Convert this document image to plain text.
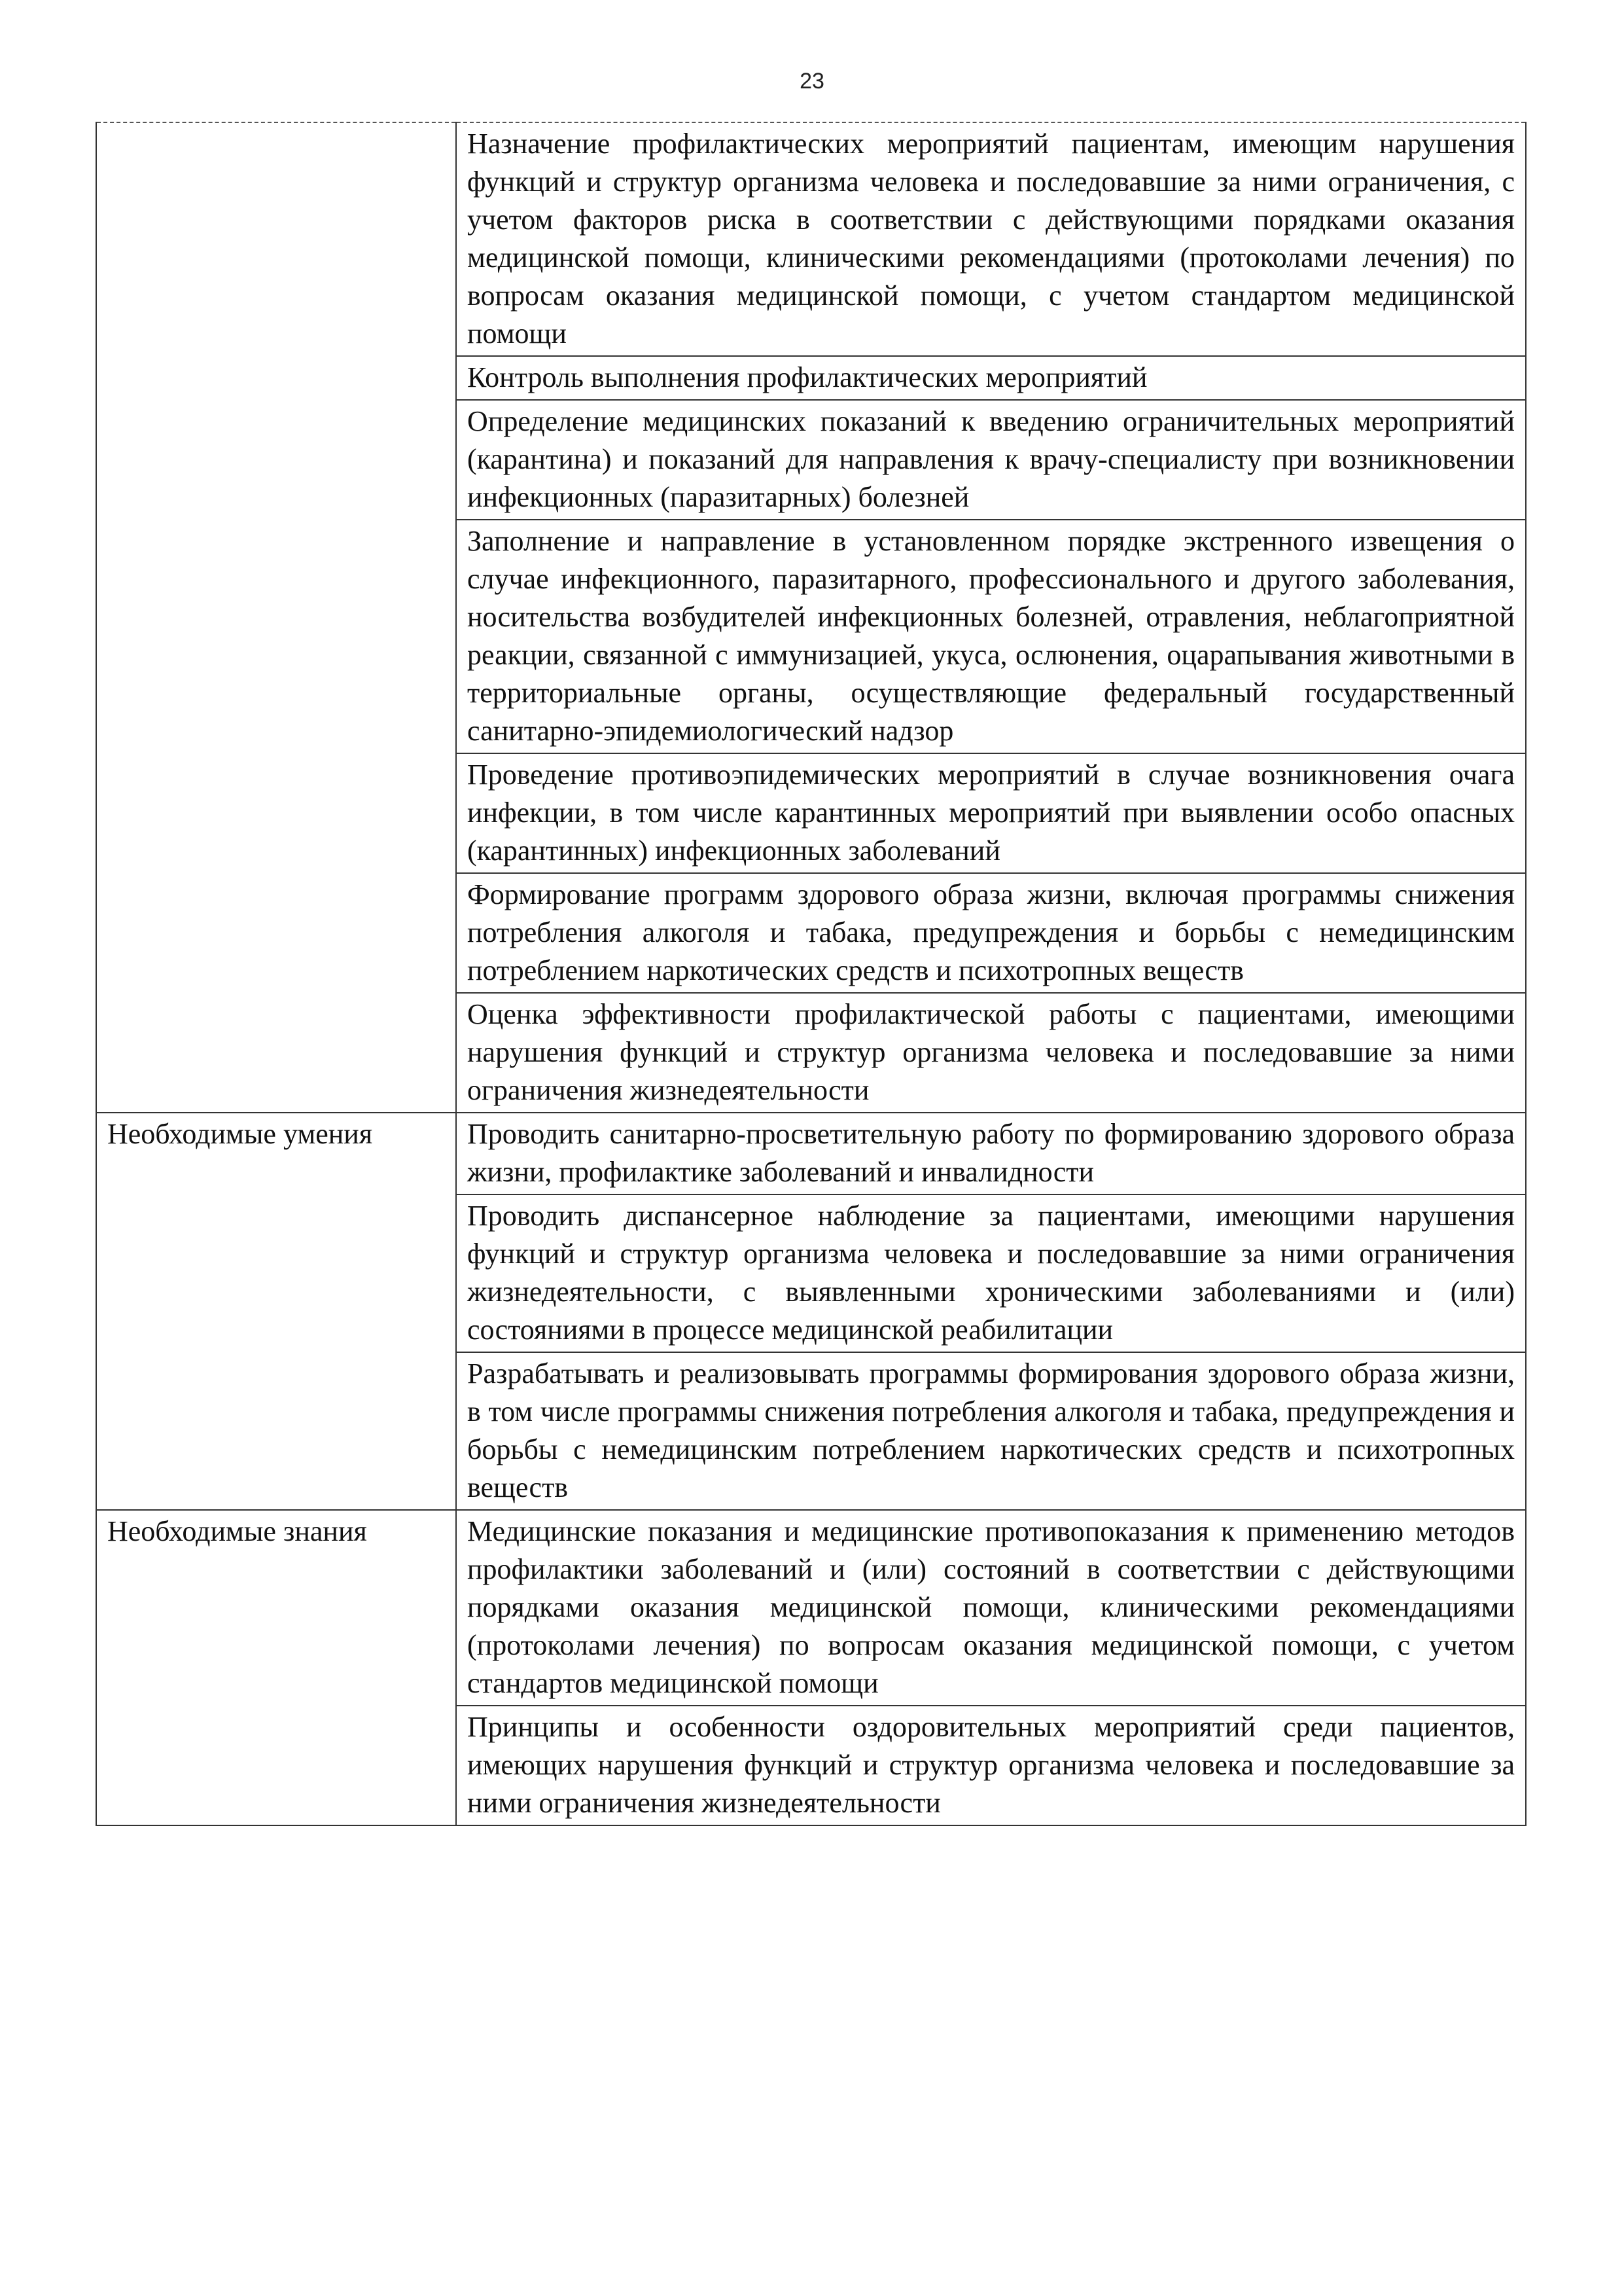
23
	Назначение профилактических мероприятий пациентам, имеющим нарушения функций и структур организма человека и последовавшие за ними ограничения, с учетом факторов риска в соответствии с действующими порядками оказания медицинской помощи, клиническими рекомендациями (протоколами лечения) по вопросам оказания медицинской помощи, с учетом стандартом медицинской помощи
	Контроль выполнения профилактических мероприятий
	Определение медицинских показаний к введению ограничительных мероприятий (карантина) и показаний для направления к врачу-специалисту при возникновении инфекционных (паразитарных) болезней
	Заполнение и направление в установленном порядке экстренного извещения о случае инфекционного, паразитарного, профессионального и другого заболевания, носительства возбудителей инфекционных болезней, отравления, неблагоприятной реакции, связанной с иммунизацией, укуса, ослюнения, оцарапывания животными в территориальные органы, осуществляющие федеральный государственный санитарно-эпидемиологический надзор
	Проведение противоэпидемических мероприятий в случае возникновения очага инфекции, в том числе карантинных мероприятий при выявлении особо опасных (карантинных) инфекционных заболеваний
	Формирование программ здорового образа жизни, включая программы снижения потребления алкоголя и табака, предупреждения и борьбы с немедицинским потреблением наркотических средств и психотропных веществ
	Оценка эффективности профилактической работы с пациентами, имеющими нарушения функций и структур организма человека и последовавшие за ними ограничения жизнедеятельности
Необходимые умения	Проводить санитарно-просветительную работу по формированию здорового образа жизни, профилактике заболеваний и инвалидности
	Проводить диспансерное наблюдение за пациентами, имеющими нарушения функций и структур организма человека и последовавшие за ними ограничения жизнедеятельности, с выявленными хроническими заболеваниями и (или) состояниями в процессе медицинской реабилитации
	Разрабатывать и реализовывать программы формирования здорового образа жизни, в том числе программы снижения потребления алкоголя и табака, предупреждения и борьбы с немедицинским потреблением наркотических средств и психотропных веществ
Необходимые знания	Медицинские показания и медицинские противопоказания к применению методов профилактики заболеваний и (или) состояний в соответствии с действующими порядками оказания медицинской помощи, клиническими рекомендациями (протоколами лечения) по вопросам оказания медицинской помощи, с учетом стандартов медицинской помощи
	Принципы и особенности оздоровительных мероприятий среди пациентов, имеющих нарушения функций и структур организма человека и последовавшие за ними ограничения жизнедеятельности
